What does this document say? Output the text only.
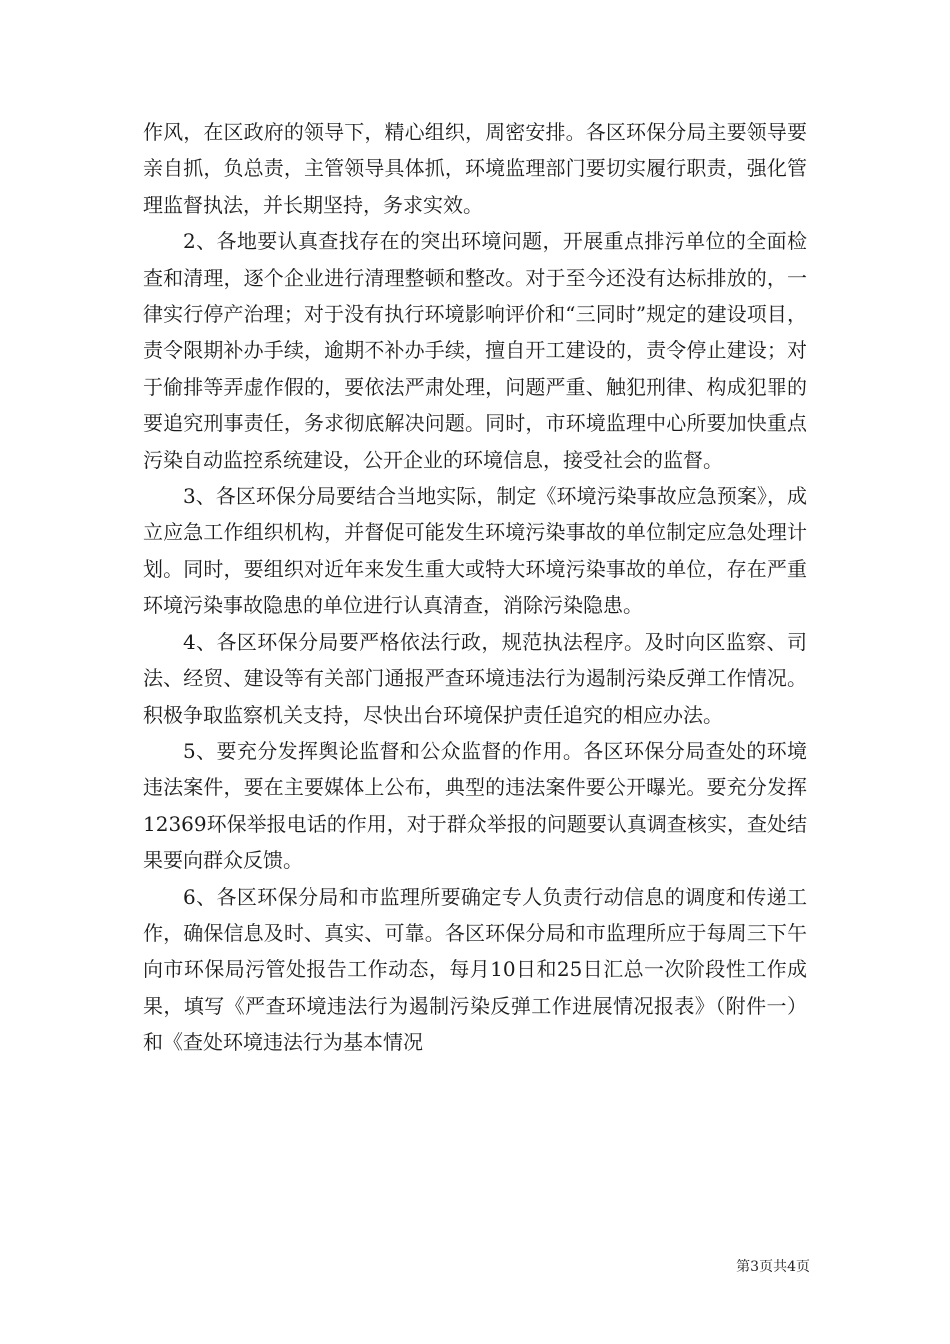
作风，在区政府的领导下，精心组织，周密安排。各区环保分局主要领导要亲自抓，负总责，主管领导具体抓，环境监理部门要切实履行职责，强化管理监督执法，并长期坚持，务求实效。

2、各地要认真查找存在的突出环境问题，开展重点排污单位的全面检查和清理，逐个企业进行清理整顿和整改。对于至今还没有达标排放的，一律实行停产治理；对于没有执行环境影响评价和“三同时”规定的建设项目，责令限期补办手续，逾期不补办手续，擅自开工建设的，责令停止建设；对于偷排等弄虚作假的，要依法严肃处理，问题严重、触犯刑律、构成犯罪的要追究刑事责任，务求彻底解决问题。同时，市环境监理中心所要加快重点污染自动监控系统建设，公开企业的环境信息，接受社会的监督。

3、各区环保分局要结合当地实际，制定《环境污染事故应急预案》，成立应急工作组织机构，并督促可能发生环境污染事故的单位制定应急处理计划。同时，要组织对近年来发生重大或特大环境污染事故的单位，存在严重环境污染事故隐患的单位进行认真清查，消除污染隐患。

4、各区环保分局要严格依法行政，规范执法程序。及时向区监察、司法、经贸、建设等有关部门通报严查环境违法行为遏制污染反弹工作情况。积极争取监察机关支持，尽快出台环境保护责任追究的相应办法。

5、要充分发挥舆论监督和公众监督的作用。各区环保分局查处的环境违法案件，要在主要媒体上公布，典型的违法案件要公开曝光。要充分发挥12369环保举报电话的作用，对于群众举报的问题要认真调查核实，查处结果要向群众反馈。

6、各区环保分局和市监理所要确定专人负责行动信息的调度和传递工作，确保信息及时、真实、可靠。各区环保分局和市监理所应于每周三下午向市环保局污管处报告工作动态，每月10日和25日汇总一次阶段性工作成果，填写《严查环境违法行为遏制污染反弹工作进展情况报表》（附件一）和《查处环境违法行为基本情况

第3页共4页
